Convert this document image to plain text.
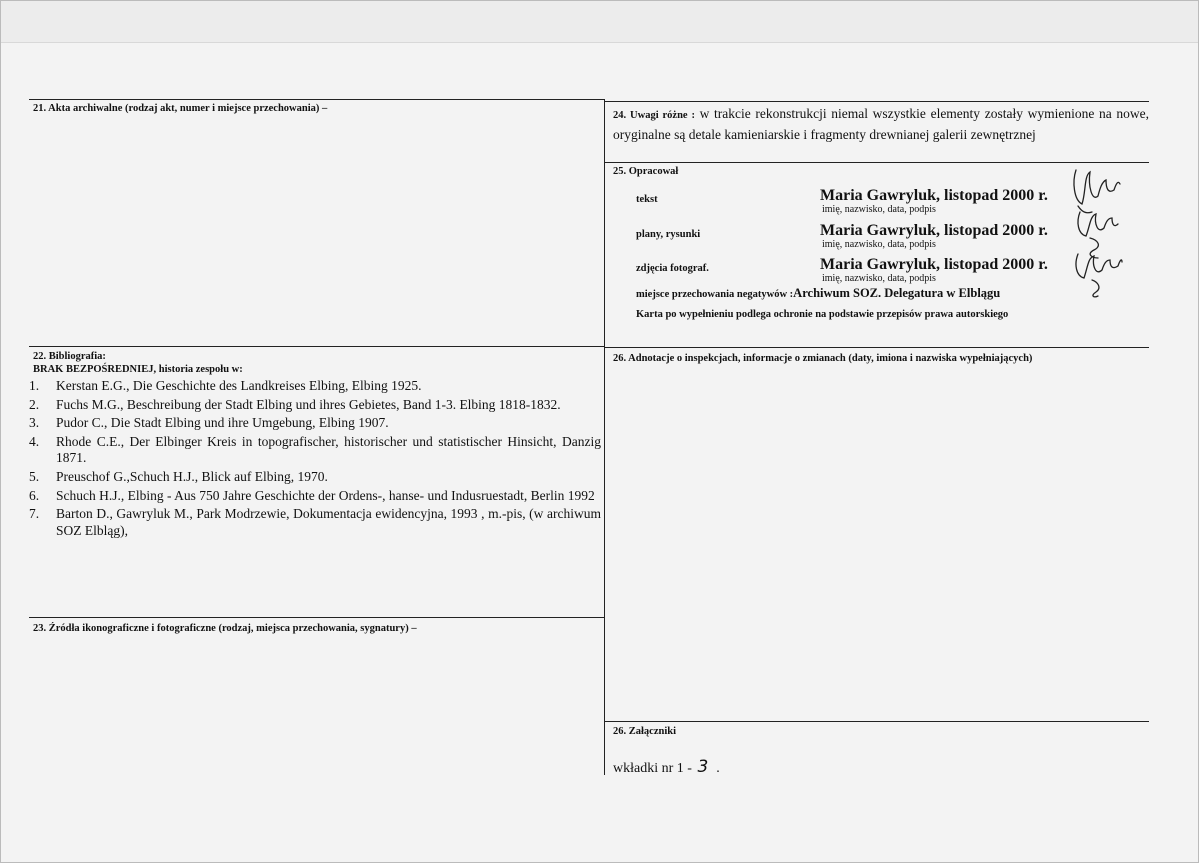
21. Akta archiwalne (rodzaj akt, numer i miejsce przechowania) –
24. Uwagi różne : w trakcie rekonstrukcji niemal wszystkie elementy zostały wymienione na nowe, oryginalne są detale kamieniarskie i fragmenty drewnianej galerii zewnętrznej
25. Opracował
tekst	Maria Gawryluk, listopad 2000 r.
imię, nazwisko, data, podpis
plany, rysunki	Maria Gawryluk, listopad 2000 r.
imię, nazwisko, data, podpis
zdjęcia fotograf.	Maria Gawryluk, listopad 2000 r.
imię, nazwisko, data, podpis
miejsce przechowania negatywów :Archiwum SOZ. Delegatura w Elblągu
Karta po wypełnieniu podlega ochronie na podstawie przepisów prawa autorskiego
22. Bibliografia:
BRAK BEZPOŚREDNIEJ, historia zespołu w:
1. Kerstan E.G., Die Geschichte des Landkreises Elbing, Elbing 1925.
2. Fuchs M.G., Beschreibung der Stadt Elbing und ihres Gebietes, Band 1-3. Elbing 1818-1832.
3. Pudor C., Die Stadt Elbing und ihre Umgebung, Elbing 1907.
4. Rhode C.E., Der Elbinger Kreis in topografischer, historischer und statistischer Hinsicht, Danzig 1871.
5. Preuschof G.,Schuch H.J., Blick auf Elbing, 1970.
6. Schuch H.J., Elbing - Aus 750 Jahre Geschichte der Ordens-, hanse- und Indusruestadt, Berlin 1992
7. Barton D., Gawryluk M., Park Modrzewie, Dokumentacja ewidencyjna, 1993 , m.-pis, (w archiwum SOZ Elbląg),
23. Źródła ikonograficzne i fotograficzne (rodzaj, miejsca przechowania, sygnatury) –
26. Adnotacje o inspekcjach, informacje o zmianach (daty, imiona i nazwiska wypełniających)
26. Załączniki
wkładki nr 1 - 3 .
